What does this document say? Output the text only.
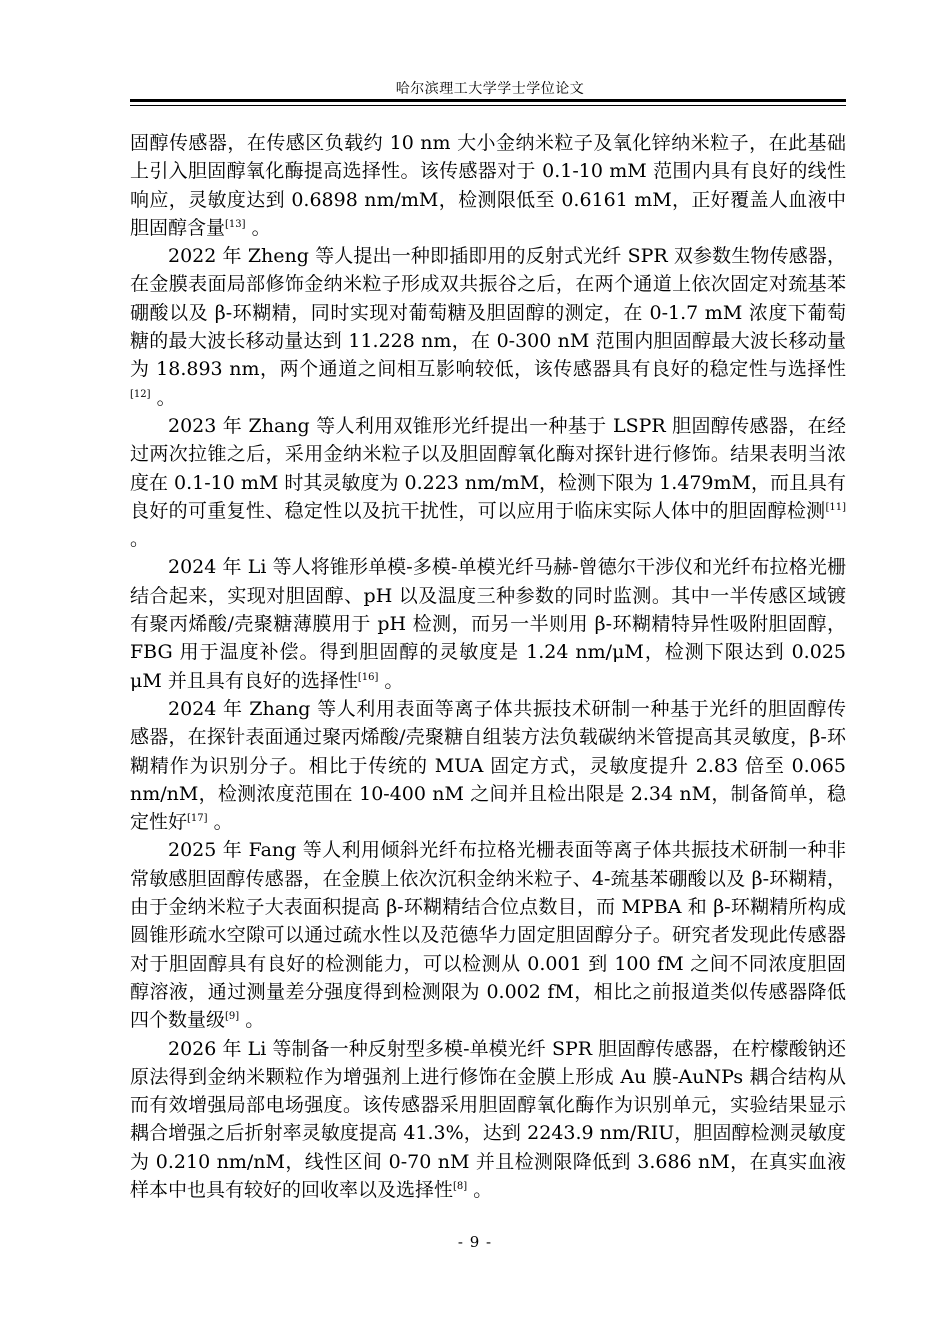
哈尔滨理工大学学士学位论文

固醇传感器，在传感区负载约 10 nm 大小金纳米粒子及氧化锌纳米粒子，在此基础上引入胆固醇氧化酶提高选择性。该传感器对于 0.1-10 mM 范围内具有良好的线性响应，灵敏度达到 0.6898 nm/mM，检测限低至 0.6161 mM，正好覆盖人血液中胆固醇含量[13] 。

2022 年 Zheng 等人提出一种即插即用的反射式光纤 SPR 双参数生物传感器，在金膜表面局部修饰金纳米粒子形成双共振谷之后，在两个通道上依次固定对巯基苯硼酸以及 β-环糊精，同时实现对葡萄糖及胆固醇的测定，在 0-1.7 mM 浓度下葡萄糖的最大波长移动量达到 11.228 nm，在 0-300 nM 范围内胆固醇最大波长移动量为 18.893 nm，两个通道之间相互影响较低，该传感器具有良好的稳定性与选择性[12] 。

2023 年 Zhang 等人利用双锥形光纤提出一种基于 LSPR 胆固醇传感器，在经过两次拉锥之后，采用金纳米粒子以及胆固醇氧化酶对探针进行修饰。结果表明当浓度在 0.1-10 mM 时其灵敏度为 0.223 nm/mM，检测下限为 1.479mM，而且具有良好的可重复性、稳定性以及抗干扰性，可以应用于临床实际人体中的胆固醇检测[11] 。

2024 年 Li 等人将锥形单模-多模-单模光纤马赫-曾德尔干涉仪和光纤布拉格光栅结合起来，实现对胆固醇、pH 以及温度三种参数的同时监测。其中一半传感区域镀有聚丙烯酸/壳聚糖薄膜用于 pH 检测，而另一半则用 β-环糊精特异性吸附胆固醇，FBG 用于温度补偿。得到胆固醇的灵敏度是 1.24 nm/μM，检测下限达到 0.025 μM 并且具有良好的选择性[16] 。

2024 年 Zhang 等人利用表面等离子体共振技术研制一种基于光纤的胆固醇传感器，在探针表面通过聚丙烯酸/壳聚糖自组装方法负载碳纳米管提高其灵敏度，β-环糊精作为识别分子。相比于传统的 MUA 固定方式，灵敏度提升 2.83 倍至 0.065 nm/nM，检测浓度范围在 10-400 nM 之间并且检出限是 2.34 nM，制备简单，稳定性好[17] 。

2025 年 Fang 等人利用倾斜光纤布拉格光栅表面等离子体共振技术研制一种非常敏感胆固醇传感器，在金膜上依次沉积金纳米粒子、4-巯基苯硼酸以及 β-环糊精，由于金纳米粒子大表面积提高 β-环糊精结合位点数目，而 MPBA 和 β-环糊精所构成圆锥形疏水空隙可以通过疏水性以及范德华力固定胆固醇分子。研究者发现此传感器对于胆固醇具有良好的检测能力，可以检测从 0.001 到 100 fM 之间不同浓度胆固醇溶液，通过测量差分强度得到检测限为 0.002 fM，相比之前报道类似传感器降低四个数量级[9] 。

2026 年 Li 等制备一种反射型多模-单模光纤 SPR 胆固醇传感器，在柠檬酸钠还原法得到金纳米颗粒作为增强剂上进行修饰在金膜上形成 Au 膜-AuNPs 耦合结构从而有效增强局部电场强度。该传感器采用胆固醇氧化酶作为识别单元，实验结果显示耦合增强之后折射率灵敏度提高 41.3%，达到 2243.9 nm/RIU，胆固醇检测灵敏度为 0.210 nm/nM，线性区间 0-70 nM 并且检测限降低到 3.686 nM，在真实血液样本中也具有较好的回收率以及选择性[8] 。

- 9 -
